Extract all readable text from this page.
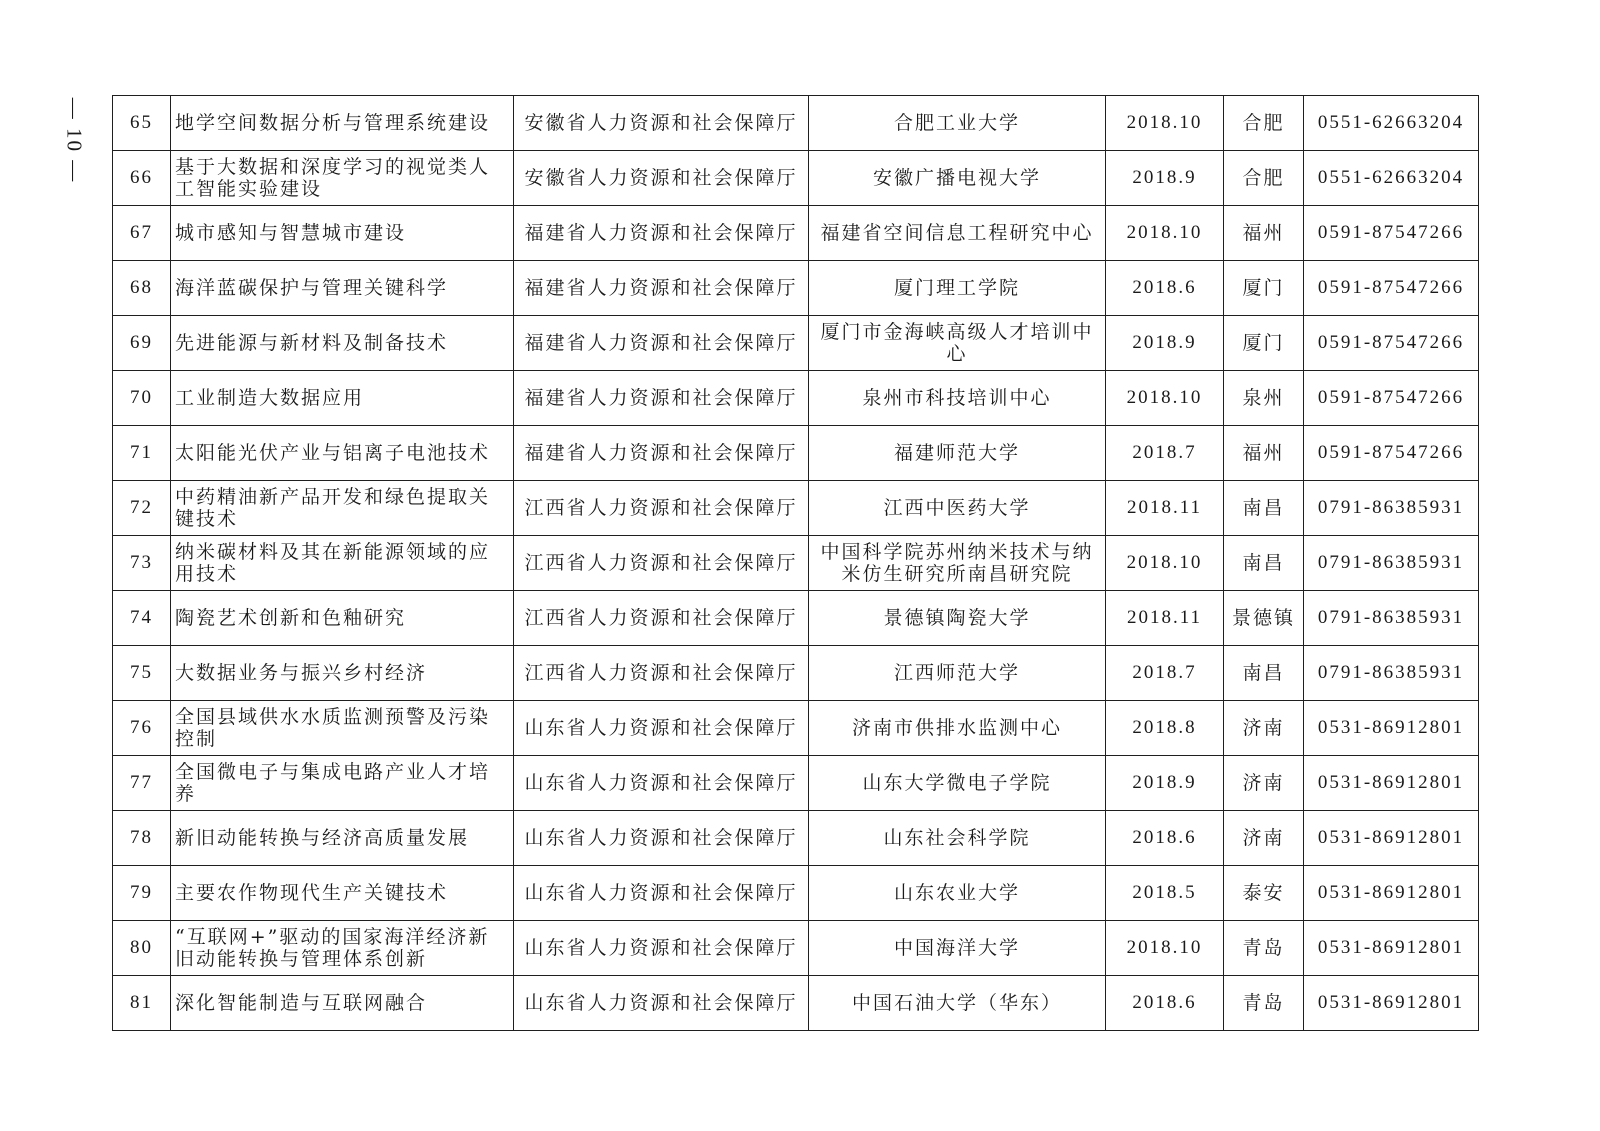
— 10 — 65	地学空间数据分析与管理系统建设	安徽省人力资源和社会保障厅	合肥工业大学	2018.10	合肥	0551-62663204
66	基于大数据和深度学习的视觉类人工智能实验建设	安徽省人力资源和社会保障厅	安徽广播电视大学	2018.9	合肥	0551-62663204
67	城市感知与智慧城市建设	福建省人力资源和社会保障厅	福建省空间信息工程研究中心	2018.10	福州	0591-87547266
68	海洋蓝碳保护与管理关键科学	福建省人力资源和社会保障厅	厦门理工学院	2018.6	厦门	0591-87547266
69	先进能源与新材料及制备技术	福建省人力资源和社会保障厅	厦门市金海峡高级人才培训中心	2018.9	厦门	0591-87547266
70	工业制造大数据应用	福建省人力资源和社会保障厅	泉州市科技培训中心	2018.10	泉州	0591-87547266
71	太阳能光伏产业与铝离子电池技术	福建省人力资源和社会保障厅	福建师范大学	2018.7	福州	0591-87547266
72	中药精油新产品开发和绿色提取关键技术	江西省人力资源和社会保障厅	江西中医药大学	2018.11	南昌	0791-86385931
73	纳米碳材料及其在新能源领域的应用技术	江西省人力资源和社会保障厅	中国科学院苏州纳米技术与纳米仿生研究所南昌研究院	2018.10	南昌	0791-86385931
74	陶瓷艺术创新和色釉研究	江西省人力资源和社会保障厅	景德镇陶瓷大学	2018.11	景德镇	0791-86385931
75	大数据业务与振兴乡村经济	江西省人力资源和社会保障厅	江西师范大学	2018.7	南昌	0791-86385931
76	全国县域供水水质监测预警及污染控制	山东省人力资源和社会保障厅	济南市供排水监测中心	2018.8	济南	0531-86912801
77	全国微电子与集成电路产业人才培养	山东省人力资源和社会保障厅	山东大学微电子学院	2018.9	济南	0531-86912801
78	新旧动能转换与经济高质量发展	山东省人力资源和社会保障厅	山东社会科学院	2018.6	济南	0531-86912801
79	主要农作物现代生产关键技术	山东省人力资源和社会保障厅	山东农业大学	2018.5	泰安	0531-86912801
80	“互联网+”驱动的国家海洋经济新旧动能转换与管理体系创新	山东省人力资源和社会保障厅	中国海洋大学	2018.10	青岛	0531-86912801
81	深化智能制造与互联网融合	山东省人力资源和社会保障厅	中国石油大学（华东）	2018.6	青岛	0531-86912801
